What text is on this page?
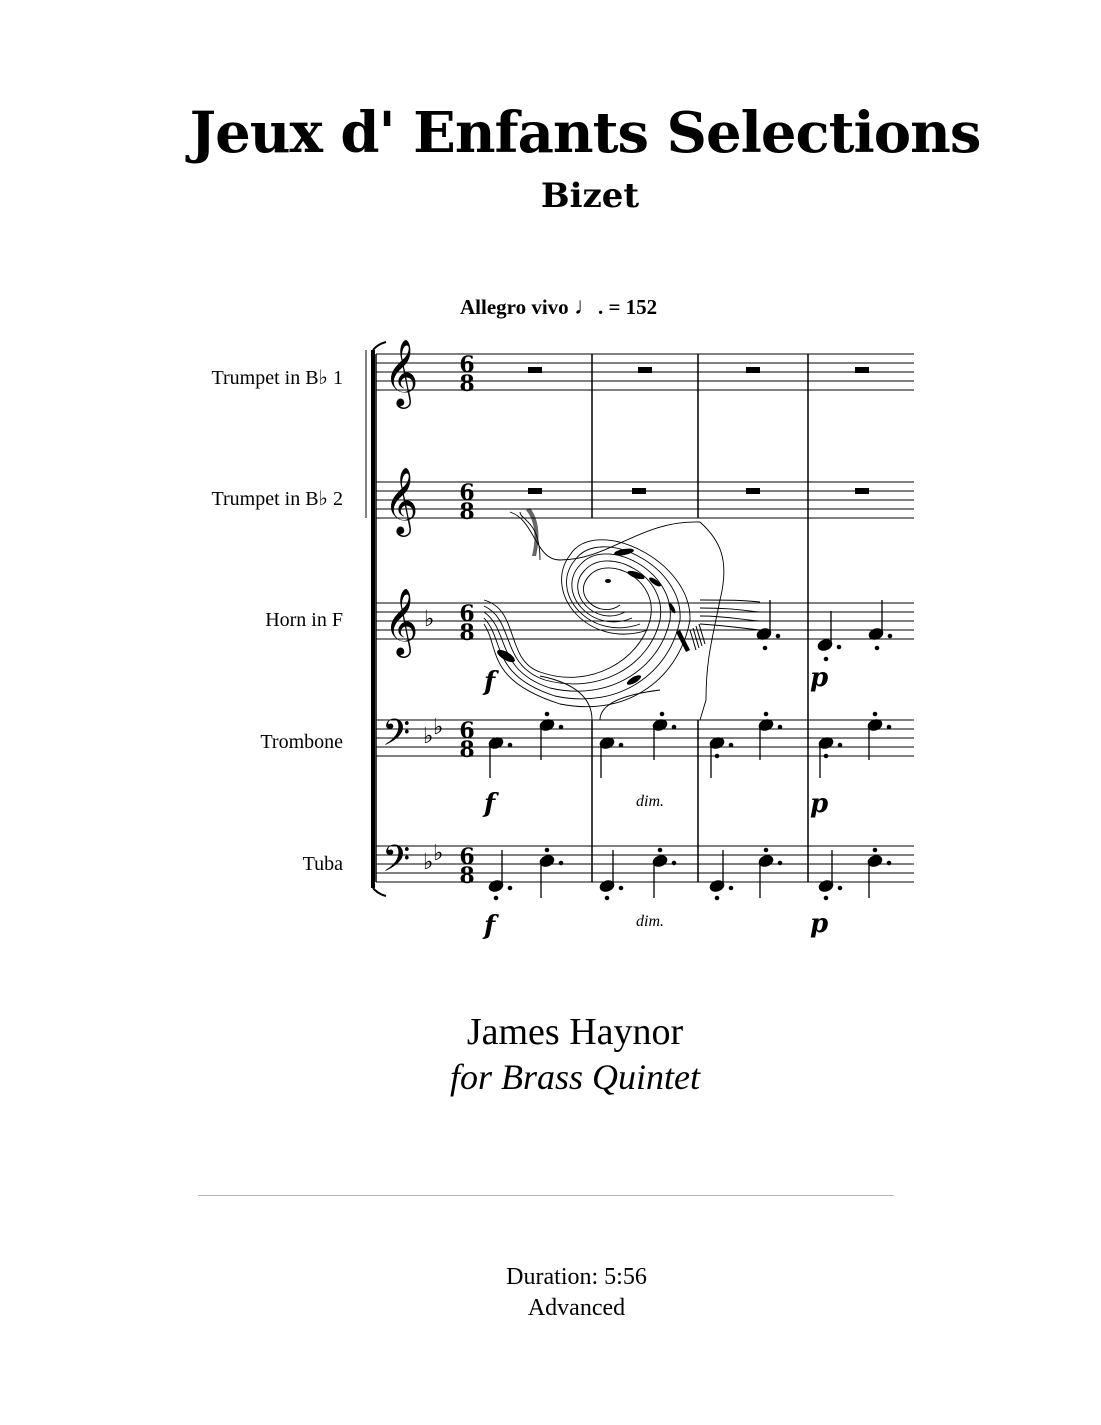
Jeux d' Enfants Selections
Bizet
Allegro vivo ♩. = 152
Trumpet in B♭ 1
Trumpet in B♭ 2
Horn in F
Trombone
Tuba
𝄞
𝄞
𝄞
𝄢
𝄢
♭
♭ ♭
♭ ♭
6
8
6
8
6
8
6
8
6
8
f	p
f	p
f	p
dim.
dim.
James Haynor
for Brass Quintet
Duration: 5:56
Advanced
